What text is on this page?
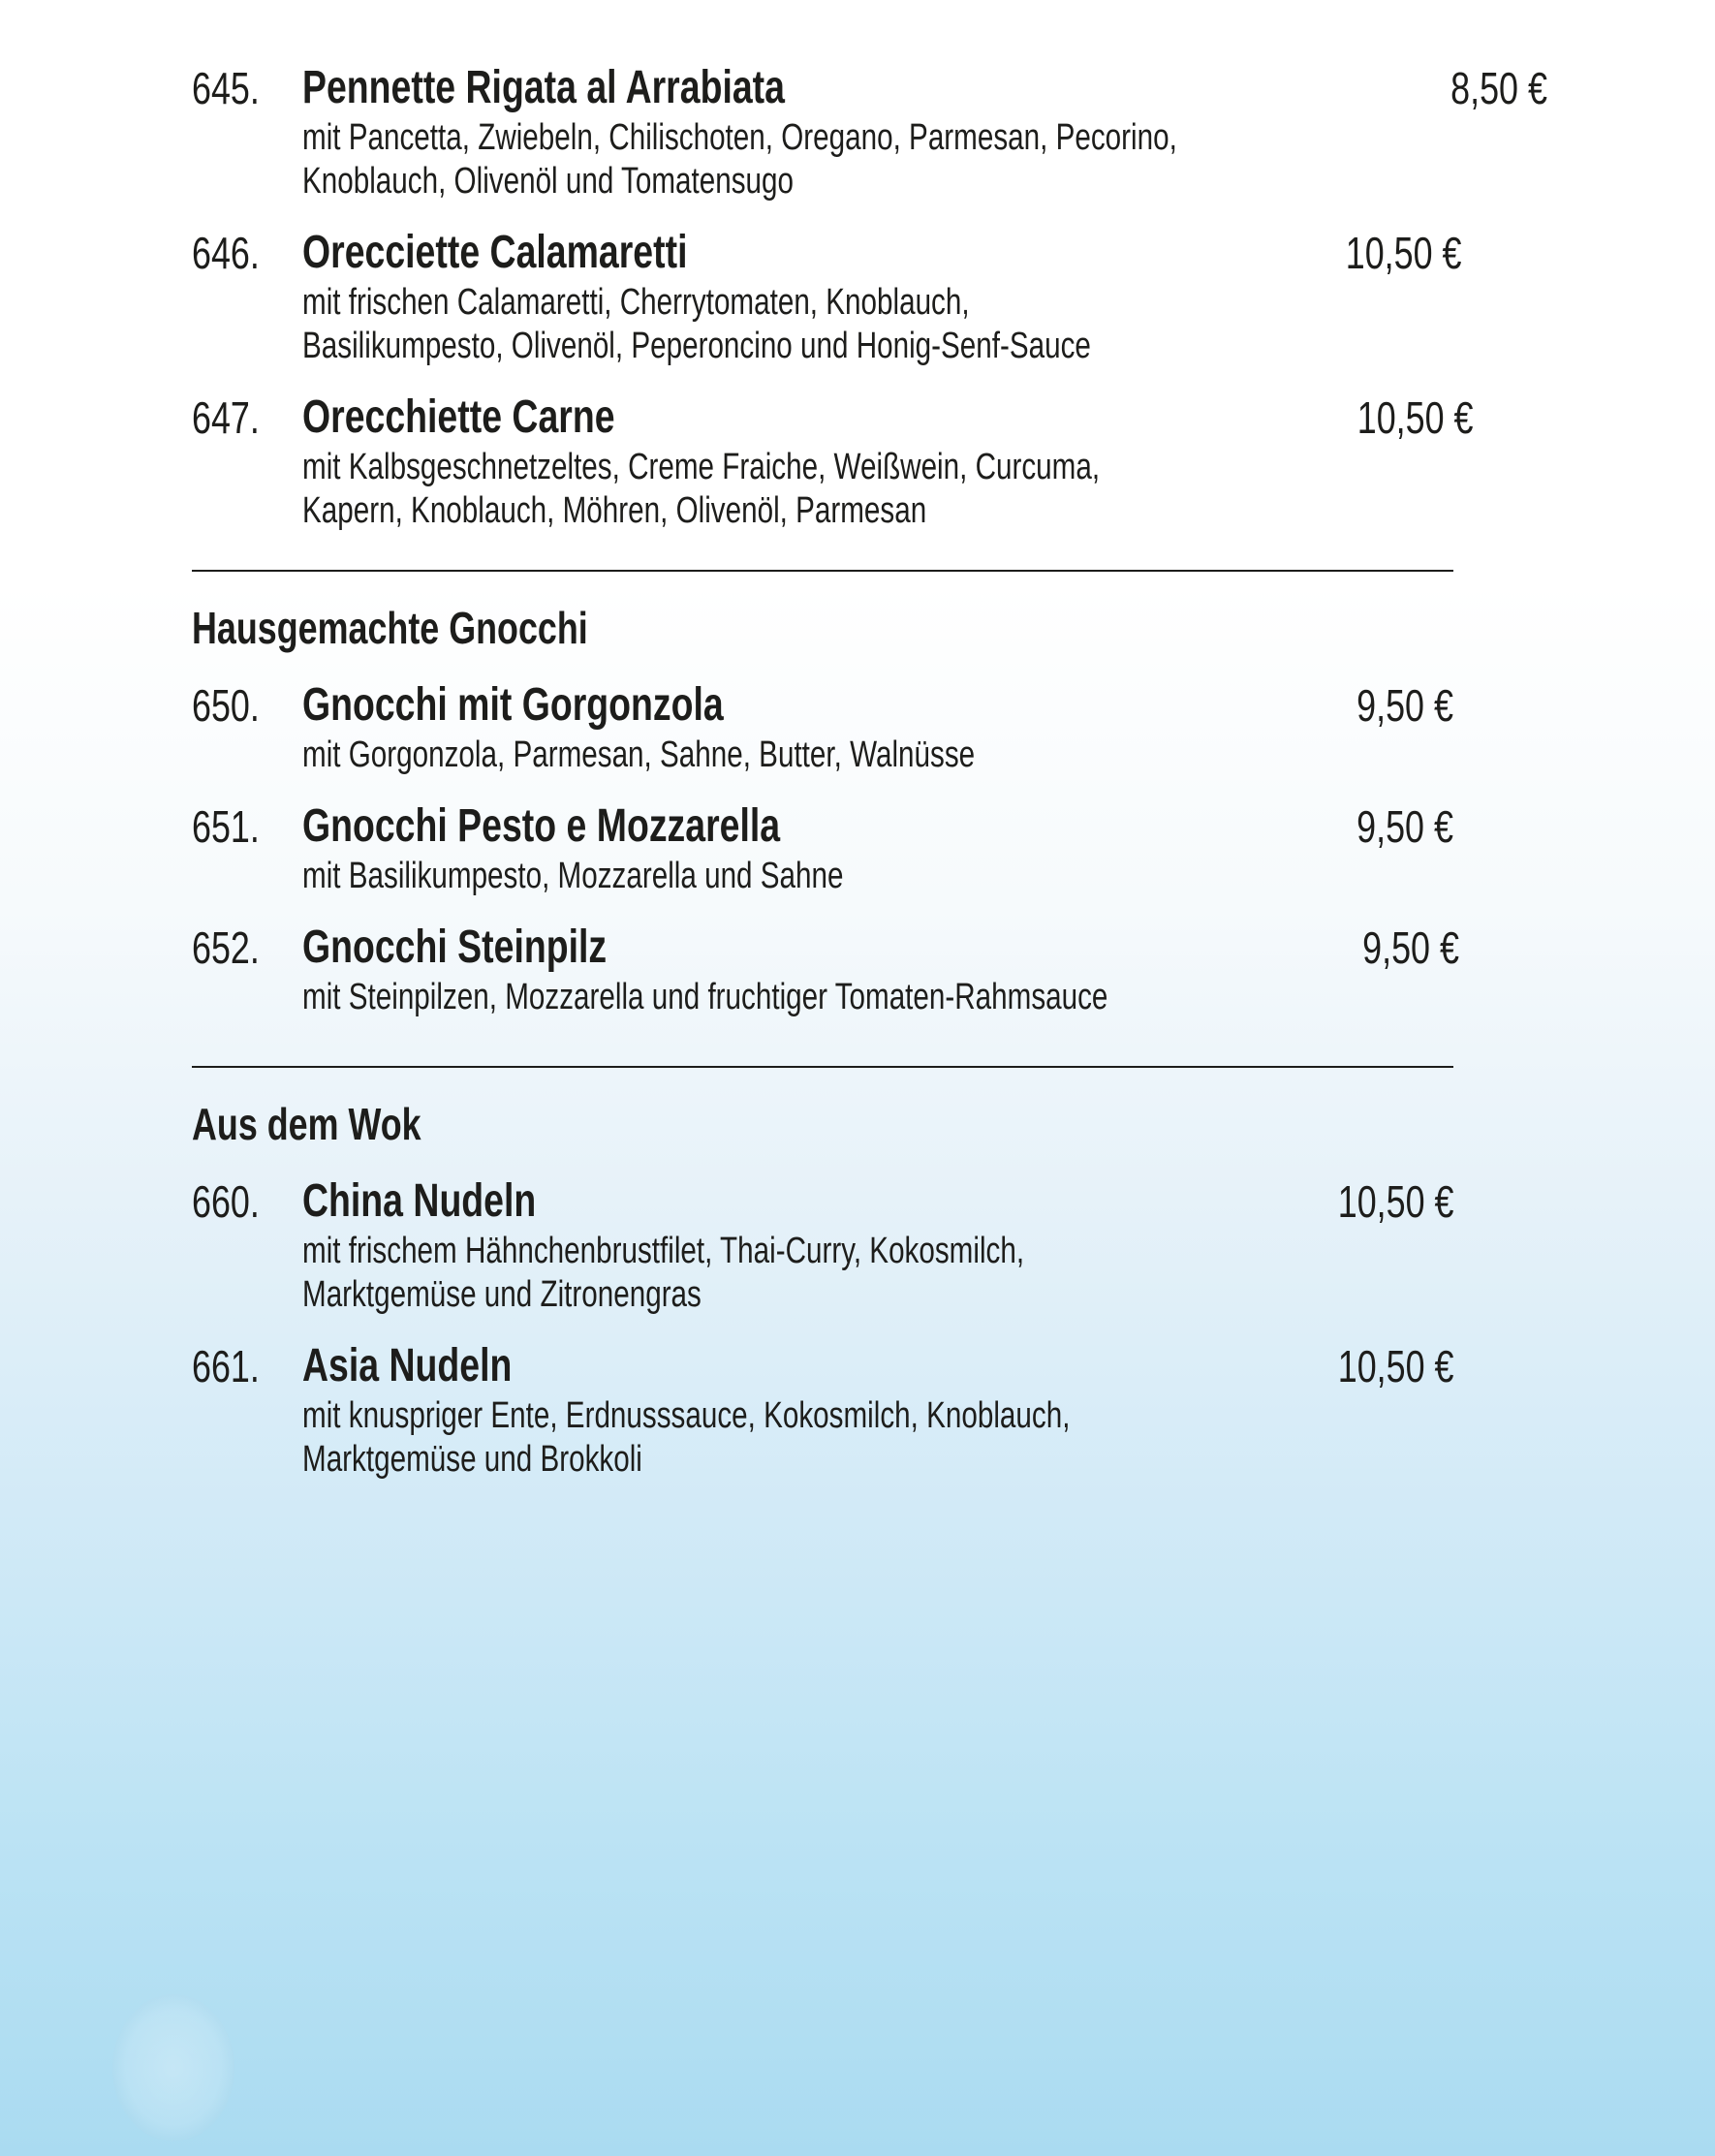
645. Pennette Rigata al Arrabiata	8,50 €
mit Pancetta, Zwiebeln, Chilischoten, Oregano, Parmesan, Pecorino,
Knoblauch, Olivenöl und Tomatensugo
646. Orecciette Calamaretti	10,50 €
mit frischen Calamaretti, Cherrytomaten, Knoblauch,
Basilikumpesto, Olivenöl, Peperoncino und Honig-Senf-Sauce
647. Orecchiette Carne	10,50 €
mit Kalbsgeschnetzeltes, Creme Fraiche, Weißwein, Curcuma,
Kapern, Knoblauch, Möhren, Olivenöl, Parmesan
Hausgemachte Gnocchi
650. Gnocchi mit Gorgonzola	9,50 €
mit Gorgonzola, Parmesan, Sahne, Butter, Walnüsse
651. Gnocchi Pesto e Mozzarella	9,50 €
mit Basilikumpesto, Mozzarella und Sahne
652. Gnocchi Steinpilz	9,50 €
mit Steinpilzen, Mozzarella und fruchtiger Tomaten-Rahmsauce
Aus dem Wok
660. China Nudeln	10,50 €
mit frischem Hähnchenbrustfilet, Thai-Curry, Kokosmilch,
Marktgemüse und Zitronengras
661. Asia Nudeln	10,50 €
mit knuspriger Ente, Erdnusssauce, Kokosmilch, Knoblauch,
Marktgemüse und Brokkoli
